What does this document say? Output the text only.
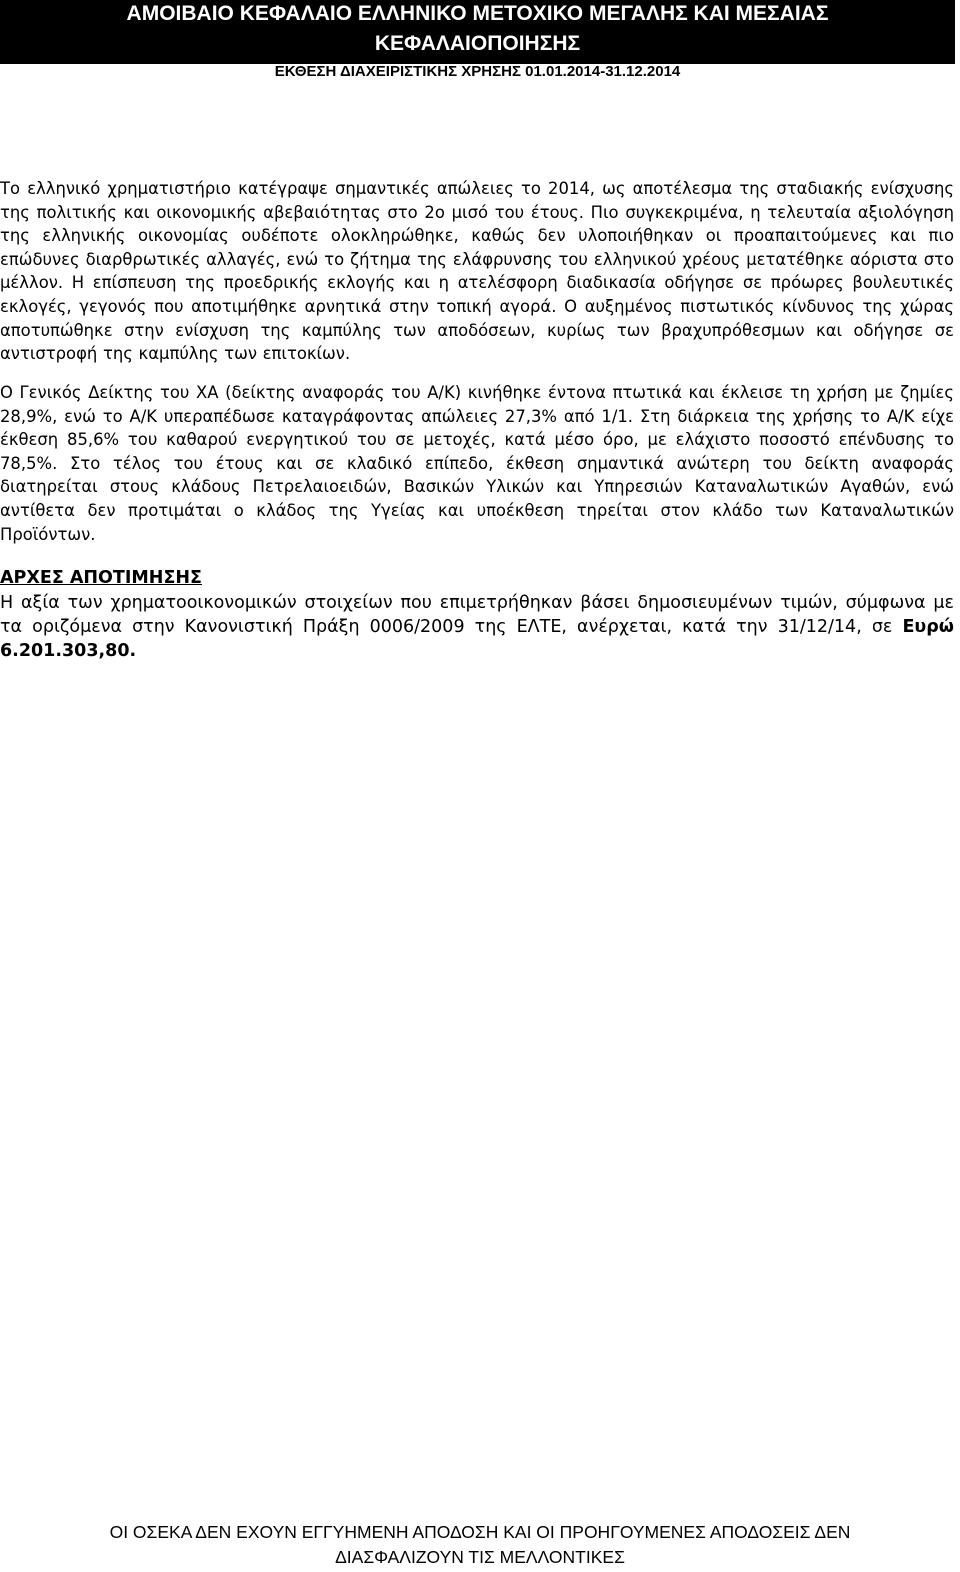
ΑΜΟΙΒΑΙΟ ΚΕΦΑΛΑΙΟ ΕΛΛΗΝΙΚΟ ΜΕΤΟΧΙΚΟ ΜΕΓΑΛΗΣ ΚΑΙ ΜΕΣΑΙΑΣ
ΚΕΦΑΛΑΙΟΠΟΙΗΣΗΣ
ΕΚΘΕΣΗ ΔΙΑΧΕΙΡΙΣΤΙΚΗΣ ΧΡΗΣΗΣ 01.01.2014-31.12.2014

Το ελληνικό χρηματιστήριο κατέγραψε σημαντικές απώλειες το 2014, ως αποτέλεσμα της σταδιακής ενίσχυσης της πολιτικής και οικονομικής αβεβαιότητας στο 2ο μισό του έτους. Πιο συγκεκριμένα, η τελευταία αξιολόγηση της ελληνικής οικονομίας ουδέποτε ολοκληρώθηκε, καθώς δεν υλοποιήθηκαν οι προαπαιτούμενες και πιο επώδυνες διαρθρωτικές αλλαγές, ενώ το ζήτημα της ελάφρυνσης του ελληνικού χρέους μετατέθηκε αόριστα στο μέλλον. Η επίσπευση της προεδρικής εκλογής και η ατελέσφορη διαδικασία οδήγησε σε πρόωρες βουλευτικές εκλογές, γεγονός που αποτιμήθηκε αρνητικά στην τοπική αγορά. Ο αυξημένος πιστωτικός κίνδυνος της χώρας αποτυπώθηκε στην ενίσχυση της καμπύλης των αποδόσεων, κυρίως των βραχυπρόθεσμων και οδήγησε σε αντιστροφή της καμπύλης των επιτοκίων.

Ο Γενικός Δείκτης του ΧΑ (δείκτης αναφοράς του Α/Κ) κινήθηκε έντονα πτωτικά και έκλεισε τη χρήση με ζημίες 28,9%, ενώ το Α/Κ υπεραπέδωσε καταγράφοντας απώλειες 27,3% από 1/1. Στη διάρκεια της χρήσης το Α/Κ είχε έκθεση 85,6% του καθαρού ενεργητικού του σε μετοχές, κατά μέσο όρο, με ελάχιστο ποσοστό επένδυσης το 78,5%. Στο τέλος του έτους και σε κλαδικό επίπεδο, έκθεση σημαντικά ανώτερη του δείκτη αναφοράς διατηρείται στους κλάδους Πετρελαιοειδών, Βασικών Υλικών και Υπηρεσιών Καταναλωτικών Αγαθών, ενώ αντίθετα δεν προτιμάται ο κλάδος της Υγείας και υποέκθεση τηρείται στον κλάδο των Καταναλωτικών Προϊόντων.

ΑΡΧΕΣ ΑΠΟΤΙΜΗΣΗΣ

Η αξία των χρηματοοικονομικών στοιχείων που επιμετρήθηκαν βάσει δημοσιευμένων τιμών, σύμφωνα με τα οριζόμενα στην Κανονιστική Πράξη 0006/2009 της ΕΛΤΕ, ανέρχεται, κατά την 31/12/14, σε Ευρώ 6.201.303,80.

ΟΙ ΟΣΕΚΑ ΔΕΝ ΕΧΟΥΝ ΕΓΓΥΗΜΕΝΗ ΑΠΟΔΟΣΗ ΚΑΙ ΟΙ ΠΡΟΗΓΟΥΜΕΝΕΣ ΑΠΟΔΟΣΕΙΣ ΔΕΝ
ΔΙΑΣΦΑΛΙΖΟΥΝ ΤΙΣ ΜΕΛΛΟΝΤΙΚΕΣ
